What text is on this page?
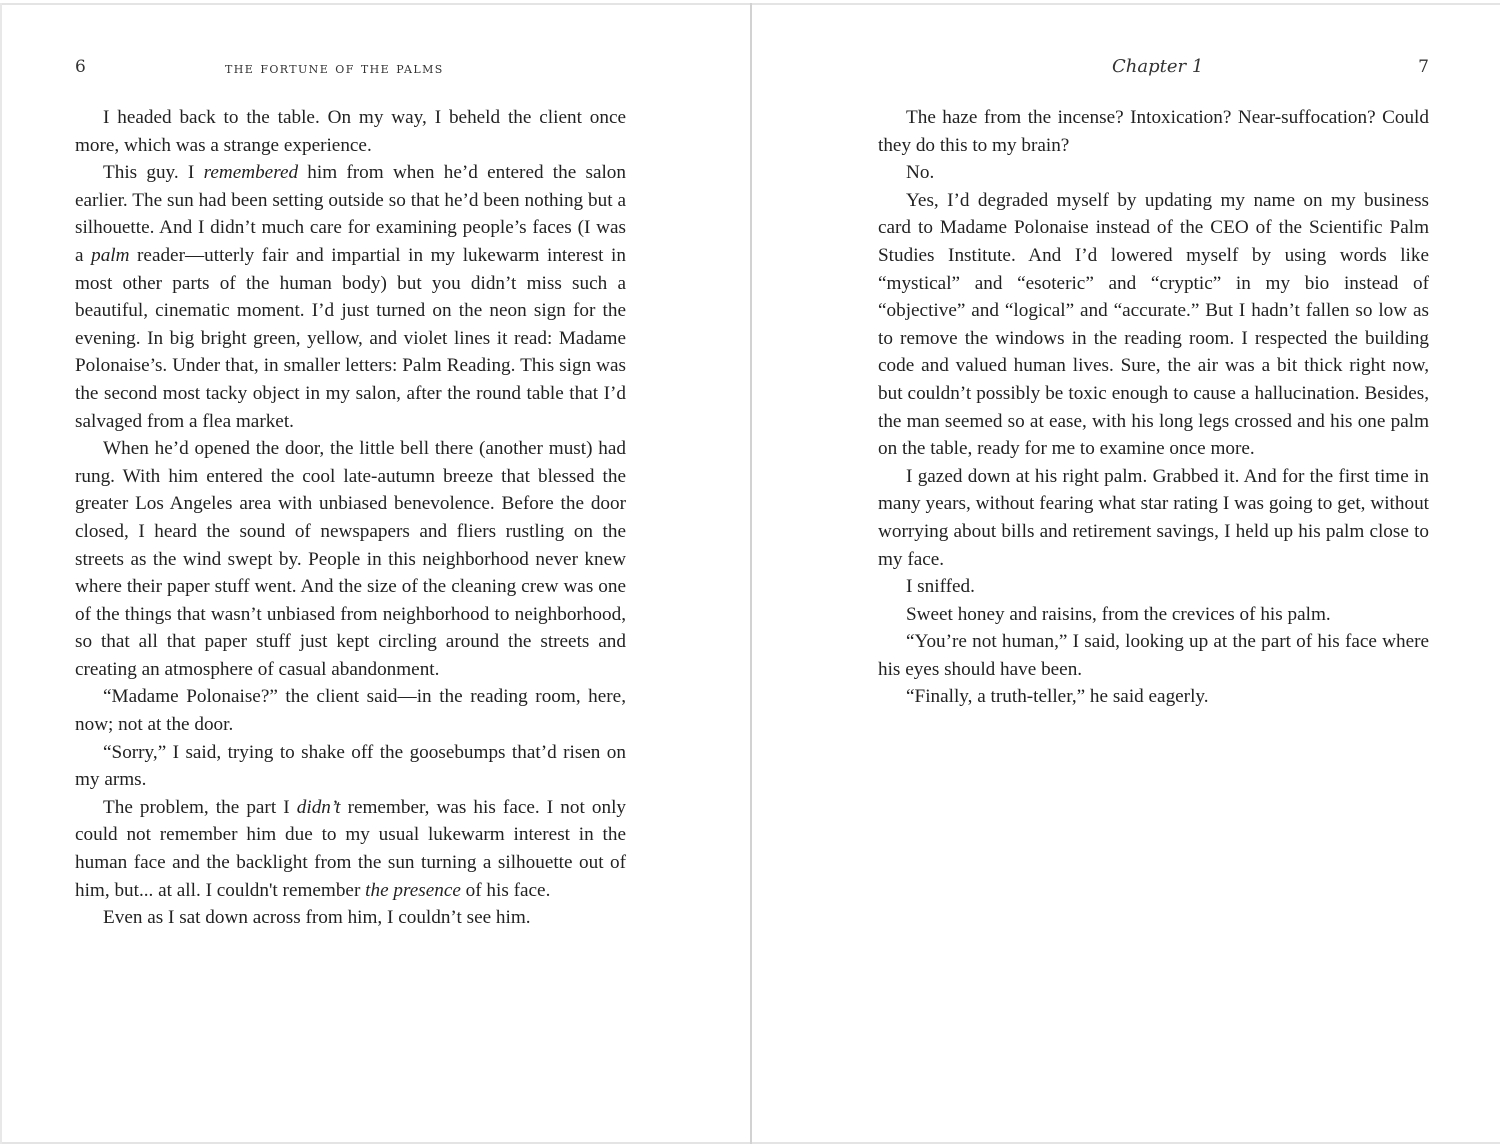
6	the fortune of the palms

I headed back to the table. On my way, I beheld the client once more, which was a strange experience.

This guy. I remembered him from when he’d entered the salon earlier. The sun had been setting outside so that he’d been nothing but a silhouette. And I didn’t much care for examining people’s faces (I was a palm reader—utterly fair and impartial in my lukewarm interest in most other parts of the human body) but you didn’t miss such a beautiful, cinematic moment. I’d just turned on the neon sign for the evening. In big bright green, yellow, and violet lines it read: Madame Polonaise’s. Under that, in smaller letters: Palm Reading. This sign was the second most tacky object in my salon, after the round table that I’d salvaged from a flea market.

When he’d opened the door, the little bell there (another must) had rung. With him entered the cool late-autumn breeze that blessed the greater Los Angeles area with unbiased benevolence. Before the door closed, I heard the sound of newspapers and fliers rustling on the streets as the wind swept by. People in this neighborhood never knew where their paper stuff went. And the size of the cleaning crew was one of the things that wasn’t unbiased from neighborhood to neighborhood, so that all that paper stuff just kept circling around the streets and creating an atmosphere of casual abandonment.

“Madame Polonaise?” the client said—in the reading room, here, now; not at the door.

“Sorry,” I said, trying to shake off the goosebumps that’d risen on my arms.

The problem, the part I didn’t remember, was his face. I not only could not remember him due to my usual lukewarm interest in the human face and the backlight from the sun turning a silhouette out of him, but... at all. I couldn't remember the presence of his face.

Even as I sat down across from him, I couldn’t see him.

Chapter 1	7

The haze from the incense? Intoxication? Near-suffocation? Could they do this to my brain?

No.

Yes, I’d degraded myself by updating my name on my business card to Madame Polonaise instead of the CEO of the Scientific Palm Studies Institute. And I’d lowered myself by using words like “mystical” and “esoteric” and “cryptic” in my bio instead of “objective” and “logical” and “accurate.” But I hadn’t fallen so low as to remove the windows in the reading room. I respected the building code and valued human lives. Sure, the air was a bit thick right now, but couldn’t possibly be toxic enough to cause a hallucination. Besides, the man seemed so at ease, with his long legs crossed and his one palm on the table, ready for me to examine once more.

I gazed down at his right palm. Grabbed it. And for the first time in many years, without fearing what star rating I was going to get, without worrying about bills and retirement savings, I held up his palm close to my face.

I sniffed.

Sweet honey and raisins, from the crevices of his palm.

“You’re not human,” I said, looking up at the part of his face where his eyes should have been.

“Finally, a truth-teller,” he said eagerly.
